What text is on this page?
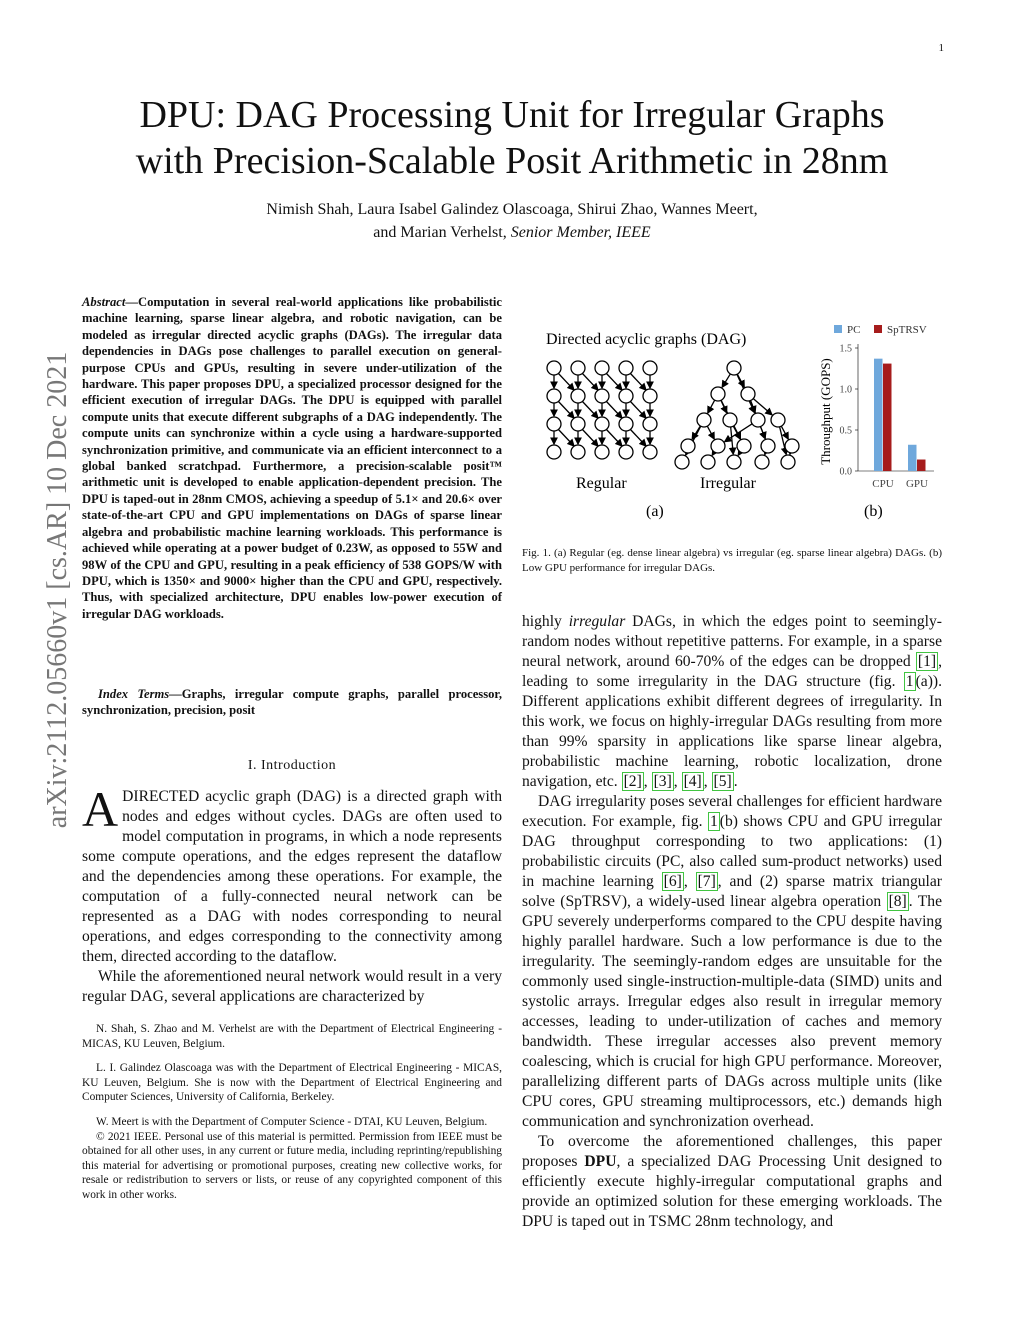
1
arXiv:2112.05660v1 [cs.AR] 10 Dec 2021
DPU: DAG Processing Unit for Irregular Graphs
with Precision-Scalable Posit Arithmetic in 28nm
Nimish Shah, Laura Isabel Galindez Olascoaga, Shirui Zhao, Wannes Meert,
and Marian Verhelst, Senior Member, IEEE
Abstract—Computation in several real-world applications like probabilistic machine learning, sparse linear algebra, and robotic navigation, can be modeled as irregular directed acyclic graphs (DAGs). The irregular data dependencies in DAGs pose challenges to parallel execution on general-purpose CPUs and GPUs, resulting in severe under-utilization of the hardware. This paper proposes DPU, a specialized processor designed for the efficient execution of irregular DAGs. The DPU is equipped with parallel compute units that execute different subgraphs of a DAG independently. The compute units can synchronize within a cycle using a hardware-supported synchronization primitive, and communicate via an efficient interconnect to a global banked scratchpad. Furthermore, a precision-scalable posit™ arithmetic unit is developed to enable application-dependent precision. The DPU is taped-out in 28nm CMOS, achieving a speedup of 5.1× and 20.6× over state-of-the-art CPU and GPU implementations on DAGs of sparse linear algebra and probabilistic machine learning workloads. This performance is achieved while operating at a power budget of 0.23W, as opposed to 55W and 98W of the CPU and GPU, resulting in a peak efficiency of 538 GOPS/W with DPU, which is 1350× and 9000× higher than the CPU and GPU, respectively. Thus, with specialized architecture, DPU enables low-power execution of irregular DAG workloads.
Index Terms—Graphs, irregular compute graphs, parallel processor, synchronization, precision, posit
I. Introduction

ADIRECTED acyclic graph (DAG) is a directed graph with nodes and edges without cycles. DAGs are often used to model computation in programs, in which a node represents some compute operations, and the edges represent the dataflow and the dependencies among these operations. For example, the computation of a fully-connected neural network can be represented as a DAG with nodes corresponding to neural operations, and edges corresponding to the connectivity among them, directed according to the dataflow.

While the aforementioned neural network would result in a very regular DAG, several applications are characterized by

N. Shah, S. Zhao and M. Verhelst are with the Department of Electrical Engineering - MICAS, KU Leuven, Belgium.

L. I. Galindez Olascoaga was with the Department of Electrical Engineering - MICAS, KU Leuven, Belgium. She is now with the Department of Electrical Engineering and Computer Sciences, University of California, Berkeley.

W. Meert is with the Department of Computer Science - DTAI, KU Leuven, Belgium.

© 2021 IEEE. Personal use of this material is permitted. Permission from IEEE must be obtained for all other uses, in any current or future media, including reprinting/republishing this material for advertising or promotional purposes, creating new collective works, for resale or redistribution to servers or lists, or reuse of any copyrighted component of this work in other works.

Directed acyclic graphs (DAG)
Regular	Irregular
(a)
0.0
0.5
1.0
1.5
Throughput (GOPS)
CPU GPU
PC SpTRSV
(b)
Fig. 1. (a) Regular (eg. dense linear algebra) vs irregular (eg. sparse linear algebra) DAGs. (b) Low GPU performance for irregular DAGs.

highly irregular DAGs, in which the edges point to seemingly-random nodes without repetitive patterns. For example, in a sparse neural network, around 60-70% of the edges can be dropped [1] , leading to some irregularity in the DAG structure (fig. 1 (a)). Different applications exhibit different degrees of irregularity. In this work, we focus on highly-irregular DAGs resulting from more than 99% sparsity in applications like sparse linear algebra, probabilistic machine learning, robotic localization, drone navigation, etc. [2] , [3] , [4] , [5] .

DAG irregularity poses several challenges for efficient hardware execution. For example, fig. 1 (b) shows CPU and GPU irregular DAG throughput corresponding to two applications: (1) probabilistic circuits (PC, also called sum-product networks) used in machine learning [6] , [7] , and (2) sparse matrix triangular solve (SpTRSV), a widely-used linear algebra operation [8] . The GPU severely underperforms compared to the CPU despite having highly parallel hardware. Such a low performance is due to the irregularity. The seemingly-random edges are unsuitable for the commonly used single-instruction-multiple-data (SIMD) units and systolic arrays. Irregular edges also result in irregular memory accesses, leading to under-utilization of caches and memory bandwidth. These irregular accesses also prevent memory coalescing, which is crucial for high GPU performance. Moreover, parallelizing different parts of DAGs across multiple units (like CPU cores, GPU streaming multiprocessors, etc.) demands high communication and synchronization overhead.

To overcome the aforementioned challenges, this paper proposes DPU, a specialized DAG Processing Unit designed to efficiently execute highly-irregular computational graphs and provide an optimized solution for these emerging workloads. The DPU is taped out in TSMC 28nm technology, and
